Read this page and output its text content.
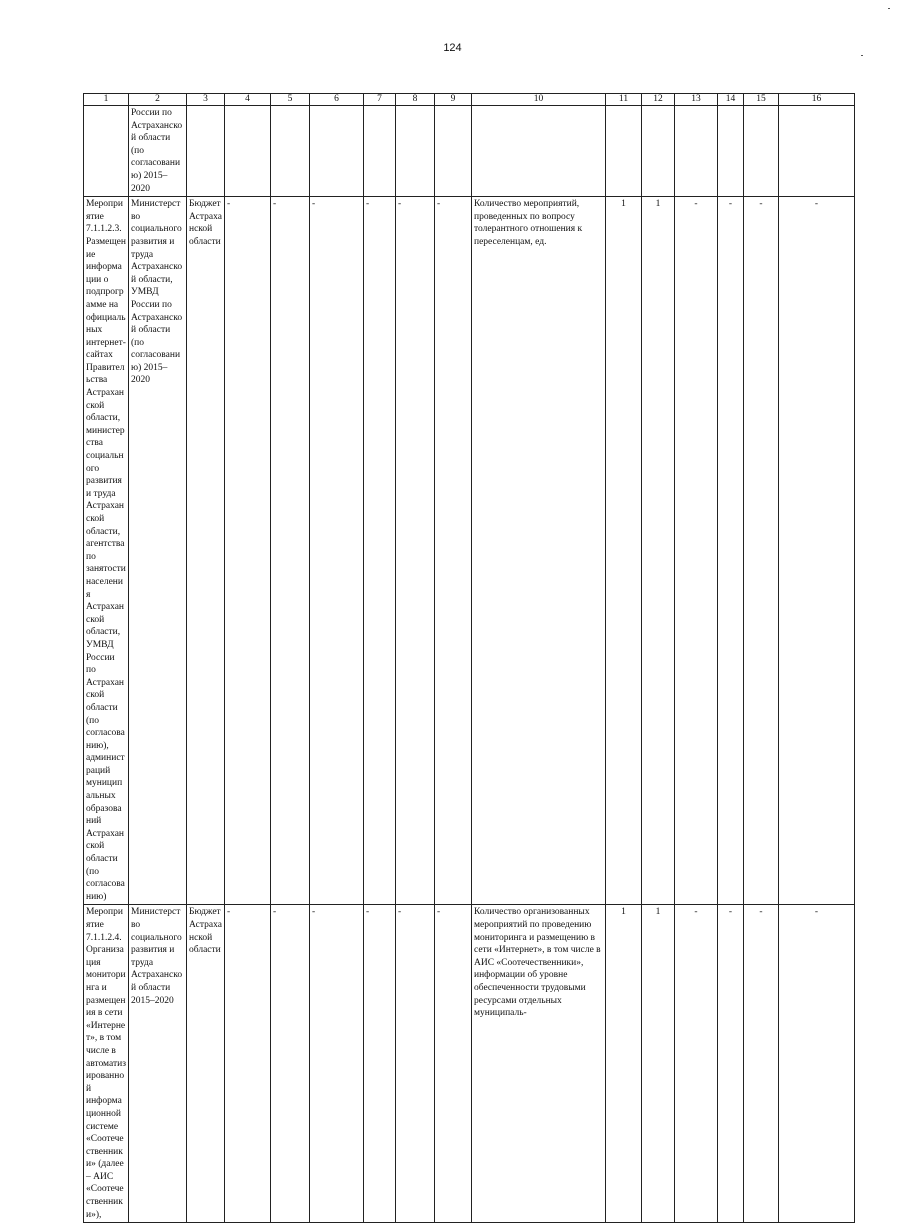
124
1	2	3	4	5	6	7	8	9	10	11	12	13	14	15	16
	России по Астраханской области (по согласованию) 2015–2020														
Мероприятие 7.1.1.2.3. Размещение информации о подпрограмме на официальных интернет-сайтах Правительства Астраханской области, министерства социального развития и труда Астраханской области, агентства по занятости населения Астраханской области, УМВД России по Астраханской области (по согласованию), администраций муниципальных образований Астраханской области (по согласованию)	Министерство социального развития и труда Астраханской области, УМВД России по Астраханской области (по согласованию) 2015–2020	Бюджет Астраханской области	-	-	-	-	-	-	Количество мероприятий, проведенных по вопросу толерантного отношения к переселенцам, ед.	1	1	-	-	-	-
Мероприятие 7.1.1.2.4. Организация мониторинга и размещения в сети «Интернет», в том числе в автоматизированной информационной системе «Соотечественники» (далее – АИС «Соотечественники»),	Министерство социального развития и труда Астраханской области 2015–2020	Бюджет Астраханской области	-	-	-	-	-	-	Количество организованных мероприятий по проведению мониторинга и размещению в сети «Интернет», в том числе в АИС «Соотечественники», информации об уровне обеспеченности трудовыми ресурсами отдельных муниципаль-	1	1	-	-	-	-
